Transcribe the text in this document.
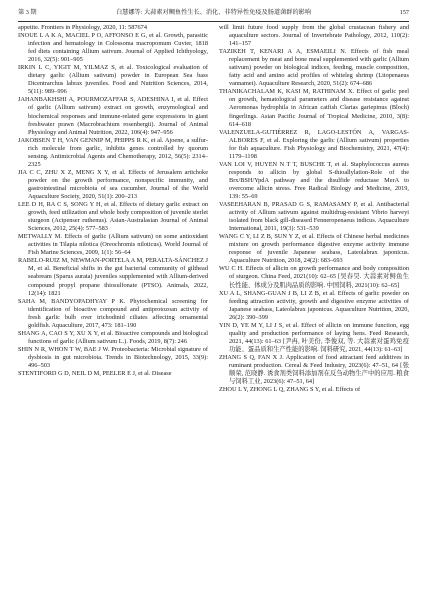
第 3 期	白慧娜等: 大蒜素对鲷鱼性生长、消化、非特异性免疫及肠道菌群的影响	157

appetite. Frontiers in Physiology, 2020, 11: 587674

INOUE L A K A, MACIEL P O, AFFONSO E G, et al. Growth, parasitic infection and hematology in Colossoma macropomum Cuvier, 1818 fed diets containing Allium sativum. Journal of Applied Ichthyology, 2016, 32(5): 901–905

IRKIN L C, YIGIT M, YILMAZ S, et al. Toxicological evaluation of dietary garlic (Allium sativum) powder in European Sea bass Dicentrarchus labrax juveniles. Food and Nutrition Sciences, 2014, 5(11): 989–996

JAHANBAKHSHI A, POURMOZAFFAR S, ADESHINA I, et al. Effect of garlic (Allium sativum) extract on growth, enzymological and biochemical responses and immune-related gene expressions in giant freshwater prawn (Macrobrachium rosenbergii). Journal of Animal Physiology and Animal Nutrition, 2022, 106(4): 947–956

JAKOBSEN T H, VAN GENNIP M, PHIPPS R K, et al. Ajoene, a sulfur-rich molecule from garlic, inhibits genes controlled by quorum sensing. Antimicrobial Agents and Chemotherapy, 2012, 56(5): 2314–2325

JIA C C, ZHU X Z, MENG X Y, et al. Effects of Jerusalem artichoke powder on the growth performance, nonspecific immunity, and gastrointestinal microbiota of sea cucumber. Journal of the World Aquaculture Society, 2020, 51(1): 200–213

LEE D H, RA C S, SONG Y H, et al. Effects of dietary garlic extract on growth, feed utilization and whole body composition of juvenile sterlet sturgeon (Acipenser ruthenus). Asian-Australasian Journal of Animal Sciences, 2012, 25(4): 577–583

METWALLY M. Effects of garlic (Allium sativum) on some antioxidant activities in Tilapia nilotica (Oreochromis niloticus). World Journal of Fish Marine Sciences, 2009, 1(1): 56–64

RABELO-RUIZ M, NEWMAN-PORTELA A M, PERALTA-SÁNCHEZ J M, et al. Beneficial shifts in the gut bacterial community of gilthead seabream (Sparus aurata) juveniles supplemented with Allium-derived compound propyl propane thiosulfonate (PTSO). Animals, 2022, 12(14): 1821

SAHA M, BANDYOPADHYAY P K. Phytochemical screening for identification of bioactive compound and antiprotozoan activity of fresh garlic bulb over trichodinid ciliates affecting ornamental goldfish. Aquaculture, 2017, 473: 181–190

SHANG A, CAO S Y, XU X Y, et al. Bioactive compounds and biological functions of garlic (Allium sativum L.). Foods, 2019, 8(7): 246

SHIN N R, WHON T W, BAE J W. Proteobacteria: Microbial signature of dysbiosis in gut microbiota. Trends in Biotechnology, 2015, 33(9): 496–503

STENTIFORD G D, NEIL D M, PEELER E J, et al. Disease

will limit future food supply from the global crustacean fishery and aquaculture sectors. Journal of Invertebrate Pathology, 2012, 110(2): 141–157

TAZIKEH T, KENARI A A, ESMAEILI N. Effects of fish meal replacement by meat and bone meal supplemented with garlic (Allium sativum) powder on biological indices, feeding, muscle composition, fatty acid and amino acid profiles of whiteleg shrimp (Litopenaeus vannamei). Aquaculture Research, 2020, 51(2): 674–686

THANIKACHALAM K, KASI M, RATHINAM X. Effect of garlic peel on growth, hematological parameters and disease resistance against Aeromonas hydrophila in African catfish Clarias gariepinus (Bloch) fingerlings. Asian Pacific Journal of Tropical Medicine, 2010, 3(8): 614–618

VALENZUELA-GUTIÉRREZ R, LAGO-LESTÓN A, VARGAS-ALBORES F, et al. Exploring the garlic (Allium sativum) properties for fish aquaculture. Fish Physiology and Biochemistry, 2021, 47(4): 1179–1198

VAN LOI V, HUYEN N T T, BUSCHE T, et al. Staphylococcus aureus responds to allicin by global S-thioallylation-Role of the Brx/BSH/YpdA pathway and the disulfide reductase MerA to overcome allicin stress. Free Radical Biology and Medicine, 2019, 139: 55–69

VASEEHARAN B, PRASAD G S, RAMASAMY P, et al. Antibacterial activity of Allium sativum against multidrug-resistant Vibrio harveyi isolated from black gill-diseased Fenneropenaeus indicus. Aquaculture International, 2011, 19(3): 531–539

WANG C Y, LI Z B, SUN Y Z, et al. Effects of Chinese herbal medicines mixture on growth performance digestive enzyme activity immune response of juvenile Japanese seabass, Lateolabrax japonicus. Aquaculture Nutrition, 2018, 24(2): 683–693

WU C H. Effects of allicin on growth performance and body composition of sturgeon. China Feed, 2021(10): 62–65 [吴春昊. 大蒜素对鲟鱼生长性能、体成分及肌肉品质的影响. 中国饲料, 2021(10): 62–65]

XU A L, SHANG-GUAN J B, LI Z B, et al. Effects of garlic powder on feeding attraction activity, growth and digestive enzyme activities of Japanese seabass, Lateolabrax japonicus. Aquaculture Nutrition, 2020, 26(2): 390–399

YIN D, YE M Y, LI J S, et al. Effect of allicin on immune function, egg quality and production performance of laying hens. Feed Research, 2021, 44(13): 61–63 [尹冉, 叶美份, 李俊双, 等. 大蒜素对蛋鸡免疫功能、蛋品质和生产性能的影响. 饲料研究, 2021, 44(13): 61–63]

ZHANG S Q, FAN X J. Application of food attractant feed additives in ruminant production. Cereal & Feed Industry, 2023(6): 47–51, 64 [张顺荣, 范晓静. 诱食剂类饲料添加剂在反刍动物生产中的应用. 粮食与饲料工业, 2023(6): 47–51, 64]

ZHOU L Y, ZHONG L Q, ZHANG S Y, et al. Effects of
